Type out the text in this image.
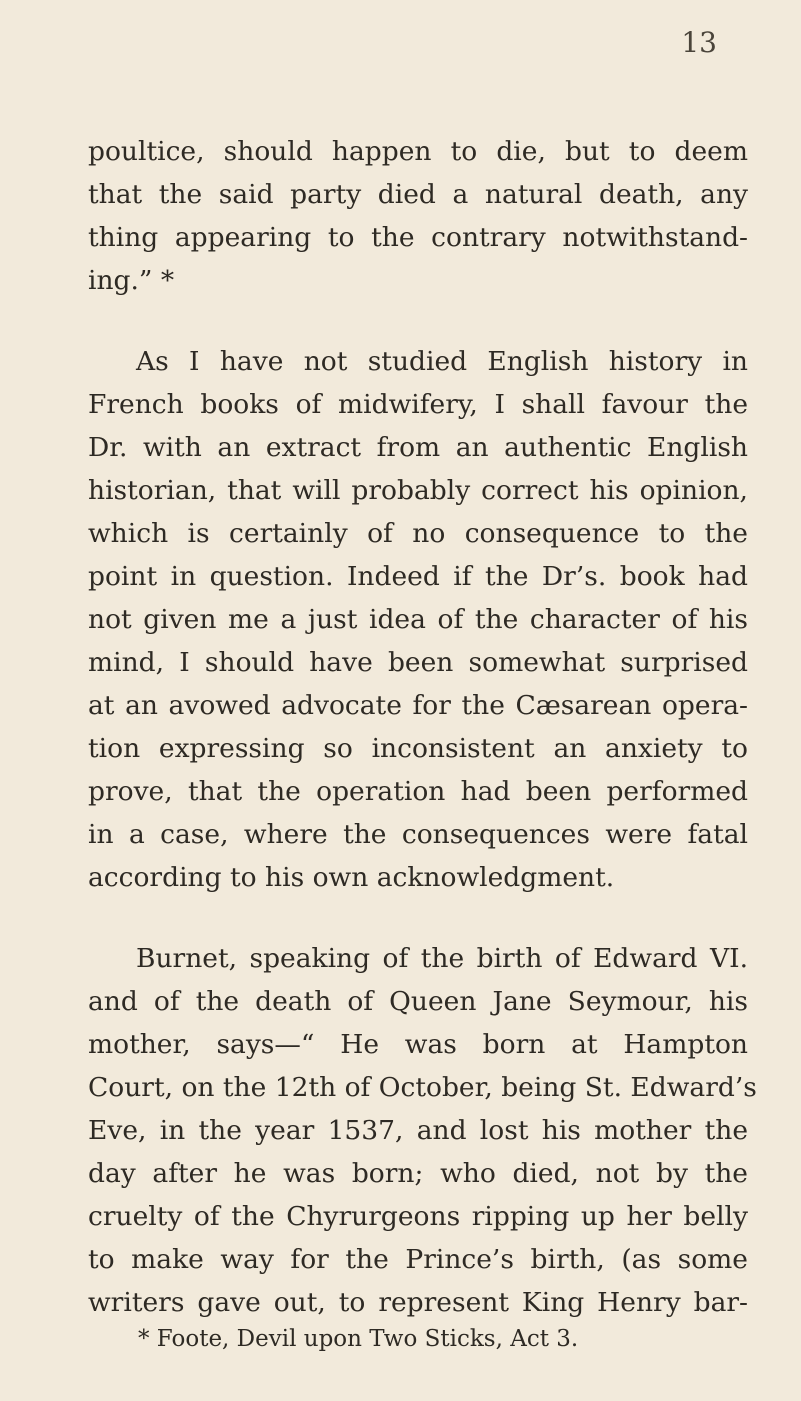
13
poultice, should happen to die, but to deem
that the said party died a natural death, any
thing appearing to the contrary notwithstand-
ing.” *
As I have not studied English history in
French books of midwifery, I shall favour the
Dr. with an extract from an authentic English
historian, that will probably correct his opinion,
which is certainly of no consequence to the
point in question. Indeed if the Dr’s. book had
not given me a just idea of the character of his
mind, I should have been somewhat surprised
at an avowed advocate for the Cæsarean opera-
tion expressing so inconsistent an anxiety to
prove, that the operation had been performed
in a case, where the consequences were fatal
according to his own acknowledgment.
Burnet, speaking of the birth of Edward VI.
and of the death of Queen Jane Seymour, his
mother, says—“ He was born at Hampton
Court, on the 12th of October, being St. Edward’s
Eve, in the year 1537, and lost his mother the
day after he was born; who died, not by the
cruelty of the Chyrurgeons ripping up her belly
to make way for the Prince’s birth, (as some
writers gave out, to represent King Henry bar-
* Foote, Devil upon Two Sticks, Act 3.
